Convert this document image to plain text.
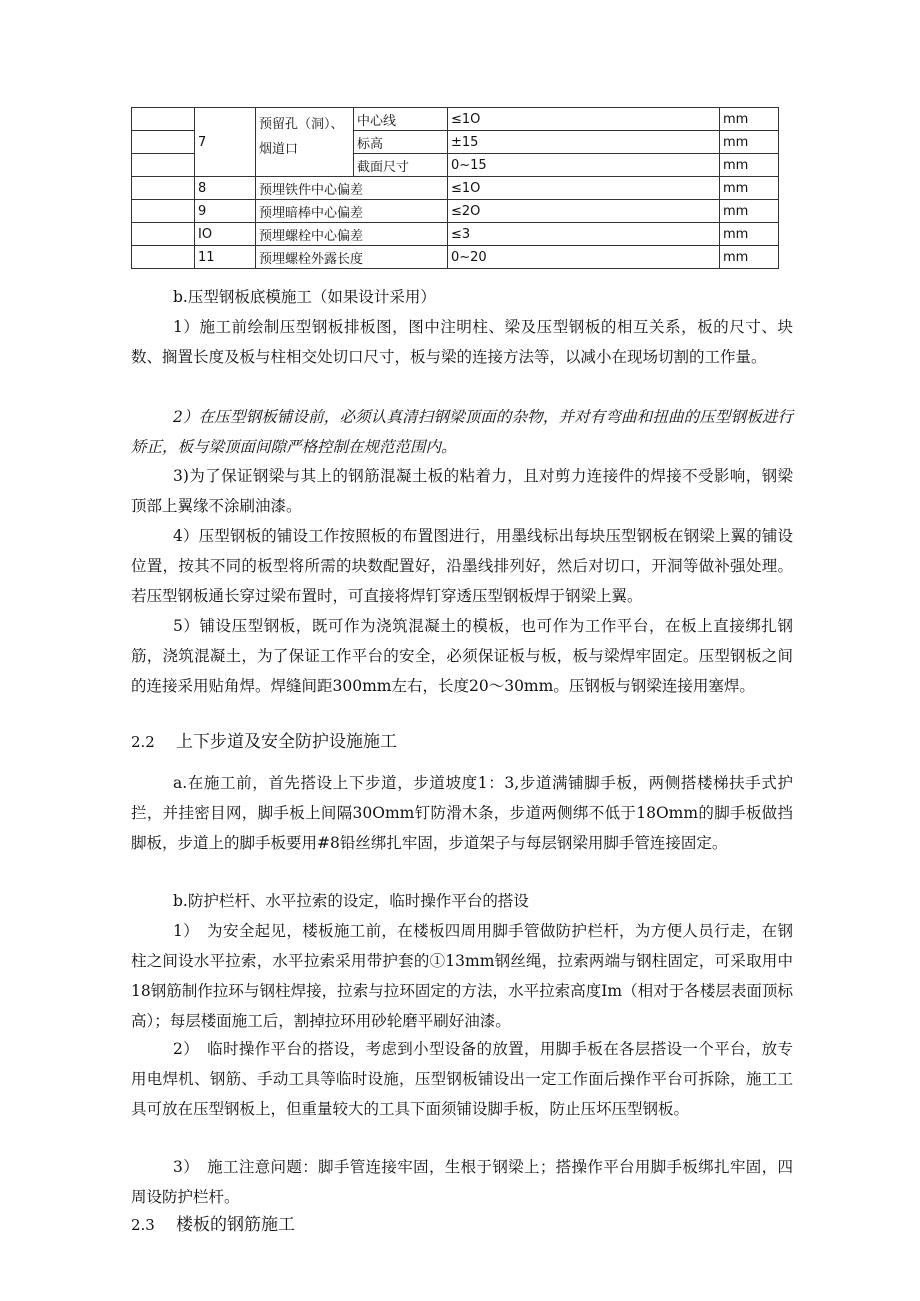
	7	预留孔（洞）、烟道口	中心线	≤1O	mm
			标高	±15	mm
			截面尺寸	0~15	mm
	8	预埋铁件中心偏差		≤1O	mm
	9	预埋暗棒中心偏差		≤2O	mm
	IO	预埋螺栓中心偏差		≤3	mm
	11	预埋螺栓外露长度		0~20	mm

b.压型钢板底模施工（如果设计采用）

1）施工前绘制压型钢板排板图，图中注明柱、梁及压型钢板的相互关系，板的尺寸、块数、搁置长度及板与柱相交处切口尺寸，板与梁的连接方法等，以减小在现场切割的工作量。

2）在压型钢板铺设前，必须认真清扫钢梁顶面的杂物，并对有弯曲和扭曲的压型钢板进行矫正，板与梁顶面间隙严格控制在规范范围内。

3)为了保证钢梁与其上的钢筋混凝土板的粘着力，且对剪力连接件的焊接不受影响，钢梁顶部上翼缘不涂刷油漆。

4）压型钢板的铺设工作按照板的布置图进行，用墨线标出每块压型钢板在钢梁上翼的铺设位置，按其不同的板型将所需的块数配置好，沿墨线排列好，然后对切口，开洞等做补强处理。若压型钢板通长穿过梁布置时，可直接将焊钉穿透压型钢板焊于钢梁上翼。

5）铺设压型钢板，既可作为浇筑混凝土的模板，也可作为工作平台，在板上直接绑扎钢筋，浇筑混凝土，为了保证工作平台的安全，必须保证板与板，板与梁焊牢固定。压型钢板之间的连接采用贴角焊。焊缝间距300mm左右，长度20～30mm。压钢板与钢梁连接用塞焊。

2.2 上下步道及安全防护设施施工

a.在施工前，首先搭设上下步道，步道坡度1：3,步道满铺脚手板，两侧搭楼梯扶手式护拦，并挂密目网，脚手板上间隔30Omm钉防滑木条，步道两侧绑不低于18Omm的脚手板做挡脚板，步道上的脚手板要用#8铅丝绑扎牢固，步道架子与每层钢梁用脚手管连接固定。

b.防护栏杆、水平拉索的设定，临时操作平台的搭设

1）　为安全起见，楼板施工前，在楼板四周用脚手管做防护栏杆，为方便人员行走，在钢柱之间设水平拉索，水平拉索采用带护套的①13mm钢丝绳，拉索两端与钢柱固定，可采取用中18钢筋制作拉环与钢柱焊接，拉索与拉环固定的方法，水平拉索高度Im（相对于各楼层表面顶标高）；每层楼面施工后，割掉拉环用砂轮磨平刷好油漆。

2）　临时操作平台的搭设，考虑到小型设备的放置，用脚手板在各层搭设一个平台，放专用电焊机、钢筋、手动工具等临时设施，压型钢板铺设出一定工作面后操作平台可拆除，施工工具可放在压型钢板上，但重量较大的工具下面须铺设脚手板，防止压坏压型钢板。

3）　施工注意问题：脚手管连接牢固，生根于钢梁上；搭操作平台用脚手板绑扎牢固，四周设防护栏杆。

2.3 楼板的钢筋施工
